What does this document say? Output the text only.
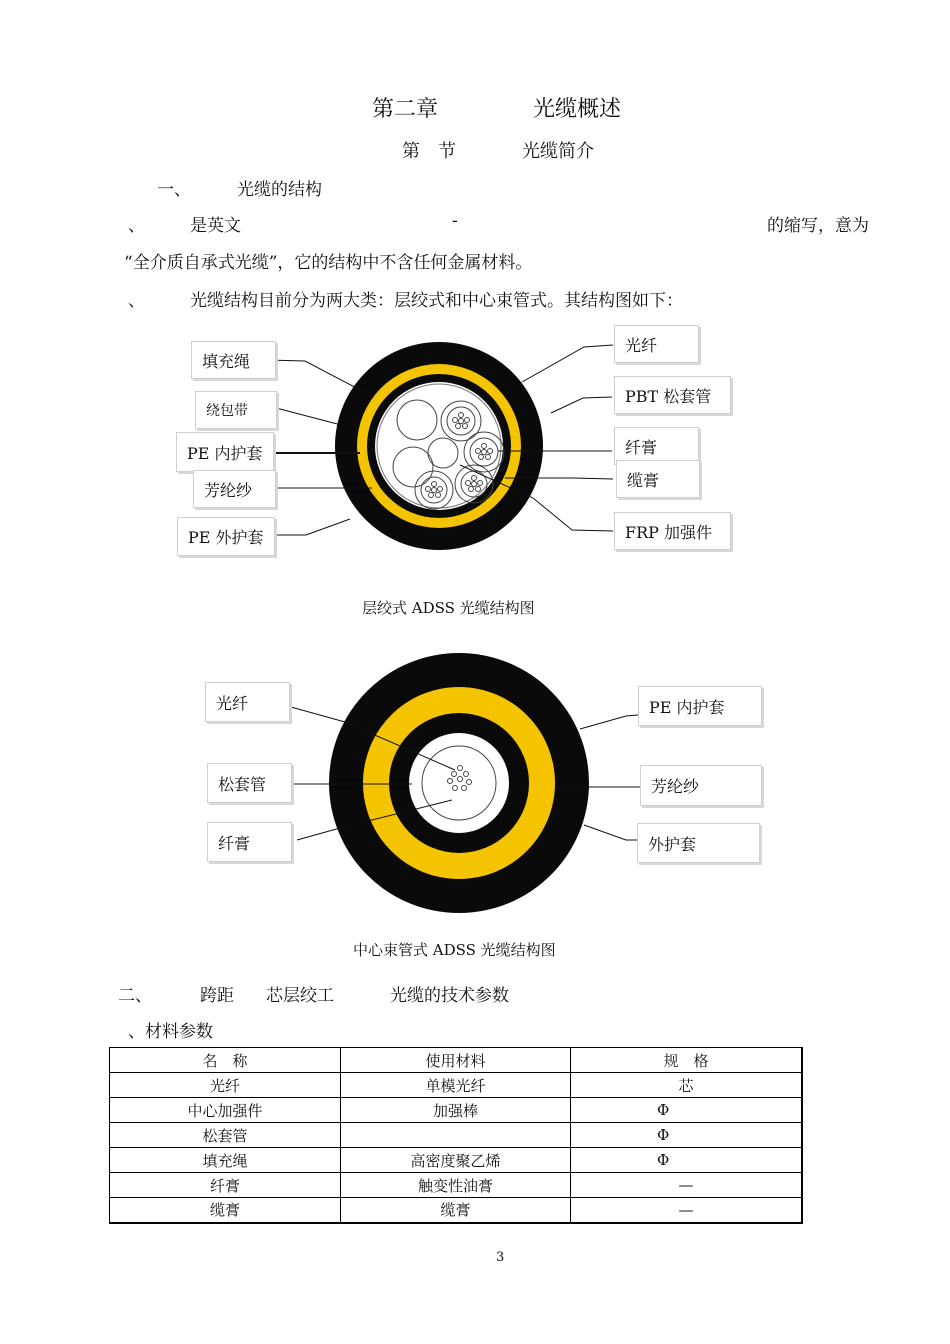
第二章	光缆概述
第　节	光缆简介
一、	光缆的结构
、	是英文	-	的缩写，意为
“全介质自承式光缆”，它的结构中不含任何金属材料。
、	光缆结构目前分为两大类：层绞式和中心束管式。其结构图如下：
填充绳
绕包带
PE 内护套
芳纶纱
PE 外护套
光纤
PBT 松套管
纤膏
缆膏
FRP 加强件
层绞式 ADSS 光缆结构图
光纤
松套管
纤膏
PE 内护套
芳纶纱
外护套
中心束管式 ADSS 光缆结构图
二、	跨距 芯层绞工	光缆的技术参数
、材料参数
名　称	使用材料	规　格
光纤	单模光纤	芯
中心加强件	加强棒	Φ
松套管		Φ
填充绳	高密度聚乙烯	Φ
纤膏	触变性油膏	—
缆膏	缆膏	—
3
